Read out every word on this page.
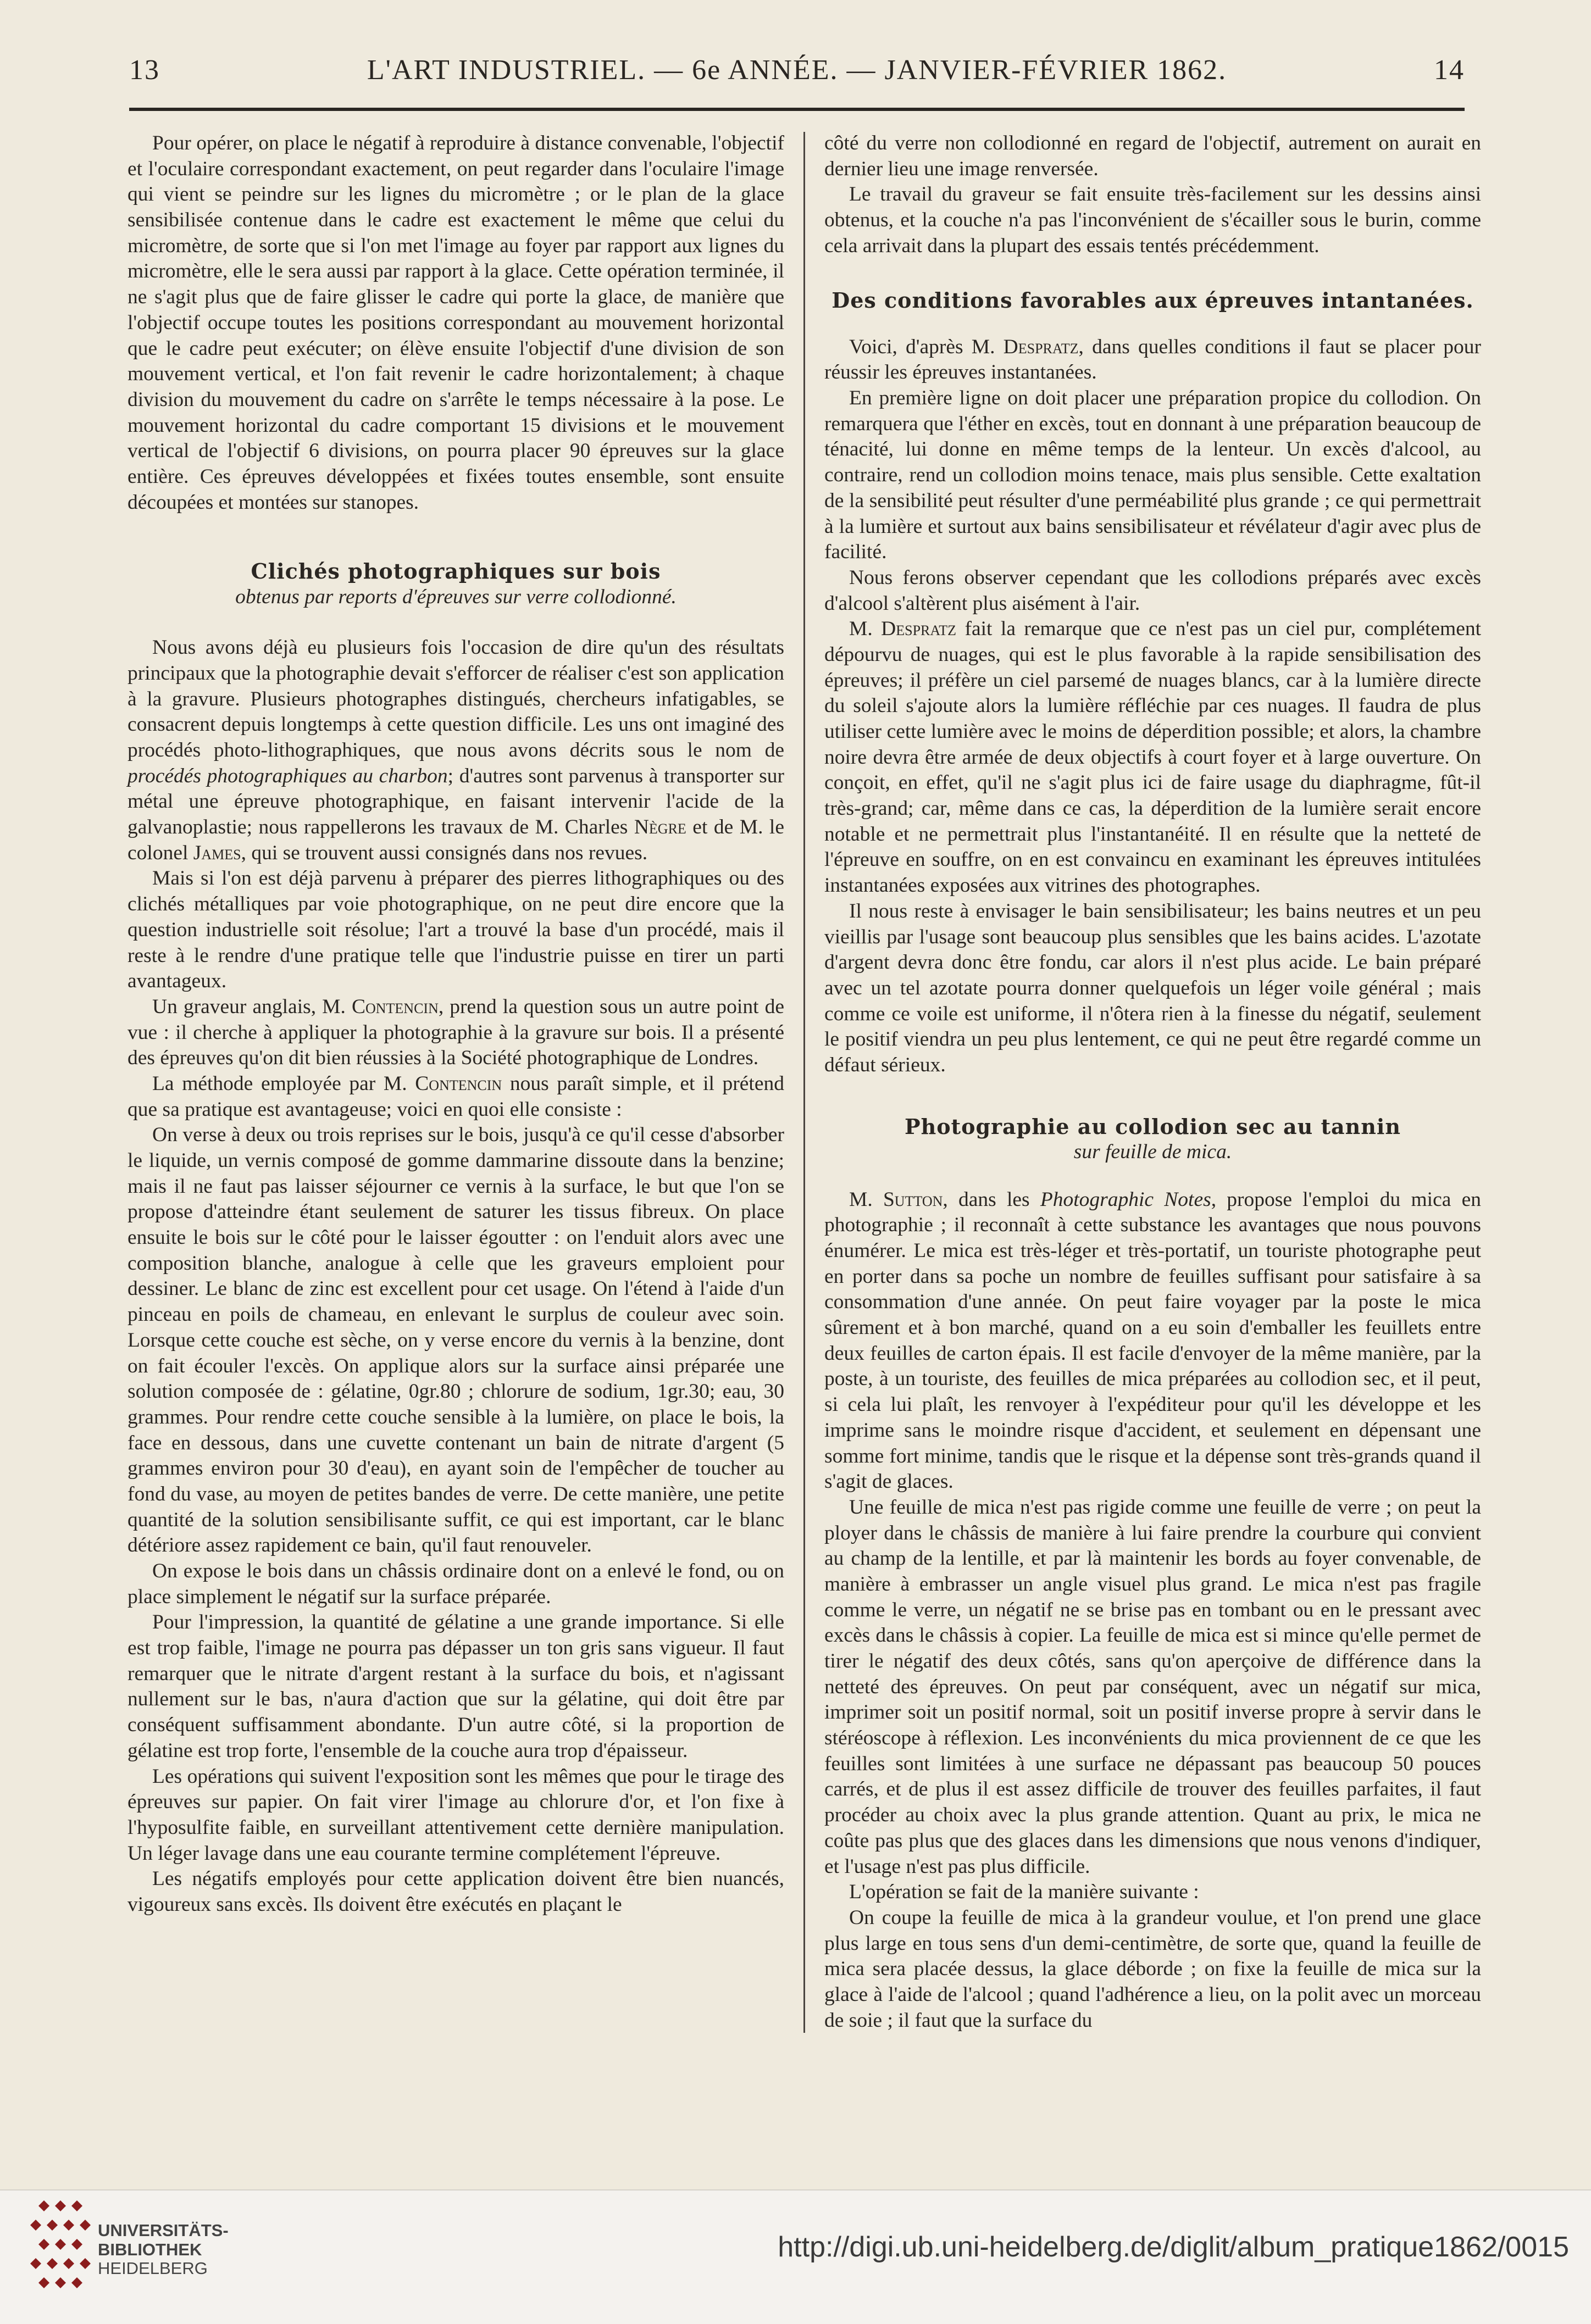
13	L'ART INDUSTRIEL. — 6e ANNÉE. — JANVIER-FÉVRIER 1862.	14

Pour opérer, on place le négatif à reproduire à distance convenable, l'objectif et l'oculaire correspondant exactement, on peut regarder dans l'oculaire l'image qui vient se peindre sur les lignes du micromètre ; or le plan de la glace sensibilisée contenue dans le cadre est exactement le même que celui du micromètre, de sorte que si l'on met l'image au foyer par rapport aux lignes du micromètre, elle le sera aussi par rapport à la glace. Cette opération terminée, il ne s'agit plus que de faire glisser le cadre qui porte la glace, de manière que l'objectif occupe toutes les positions correspondant au mouvement horizontal que le cadre peut exécuter; on élève ensuite l'objectif d'une division de son mouvement vertical, et l'on fait revenir le cadre horizontalement; à chaque division du mouvement du cadre on s'arrête le temps nécessaire à la pose. Le mouvement horizontal du cadre comportant 15 divisions et le mouvement vertical de l'objectif 6 divisions, on pourra placer 90 épreuves sur la glace entière. Ces épreuves développées et fixées toutes ensemble, sont ensuite découpées et montées sur stanopes.

Clichés photographiques sur bois

obtenus par reports d'épreuves sur verre collodionné.

Nous avons déjà eu plusieurs fois l'occasion de dire qu'un des résultats principaux que la photographie devait s'efforcer de réaliser c'est son application à la gravure. Plusieurs photographes distingués, chercheurs infatigables, se consacrent depuis longtemps à cette question difficile. Les uns ont imaginé des procédés photo-lithographiques, que nous avons décrits sous le nom de procédés photographiques au charbon; d'autres sont parvenus à transporter sur métal une épreuve photographique, en faisant intervenir l'acide de la galvanoplastie; nous rappellerons les travaux de M. Charles Nègre et de M. le colonel James, qui se trouvent aussi consignés dans nos revues.

Mais si l'on est déjà parvenu à préparer des pierres lithographiques ou des clichés métalliques par voie photographique, on ne peut dire encore que la question industrielle soit résolue; l'art a trouvé la base d'un procédé, mais il reste à le rendre d'une pratique telle que l'industrie puisse en tirer un parti avantageux.

Un graveur anglais, M. Contencin, prend la question sous un autre point de vue : il cherche à appliquer la photographie à la gravure sur bois. Il a présenté des épreuves qu'on dit bien réussies à la Société photographique de Londres.

La méthode employée par M. Contencin nous paraît simple, et il prétend que sa pratique est avantageuse; voici en quoi elle consiste :

On verse à deux ou trois reprises sur le bois, jusqu'à ce qu'il cesse d'absorber le liquide, un vernis composé de gomme dammarine dissoute dans la benzine; mais il ne faut pas laisser séjourner ce vernis à la surface, le but que l'on se propose d'atteindre étant seulement de saturer les tissus fibreux. On place ensuite le bois sur le côté pour le laisser égoutter : on l'enduit alors avec une composition blanche, analogue à celle que les graveurs emploient pour dessiner. Le blanc de zinc est excellent pour cet usage. On l'étend à l'aide d'un pinceau en poils de chameau, en enlevant le surplus de couleur avec soin. Lorsque cette couche est sèche, on y verse encore du vernis à la benzine, dont on fait écouler l'excès. On applique alors sur la surface ainsi préparée une solution composée de : gélatine, 0gr.80 ; chlorure de sodium, 1gr.30; eau, 30 grammes. Pour rendre cette couche sensible à la lumière, on place le bois, la face en dessous, dans une cuvette contenant un bain de nitrate d'argent (5 grammes environ pour 30 d'eau), en ayant soin de l'empêcher de toucher au fond du vase, au moyen de petites bandes de verre. De cette manière, une petite quantité de la solution sensibilisante suffit, ce qui est important, car le blanc détériore assez rapidement ce bain, qu'il faut renouveler.

On expose le bois dans un châssis ordinaire dont on a enlevé le fond, ou on place simplement le négatif sur la surface préparée.

Pour l'impression, la quantité de gélatine a une grande importance. Si elle est trop faible, l'image ne pourra pas dépasser un ton gris sans vigueur. Il faut remarquer que le nitrate d'argent restant à la surface du bois, et n'agissant nullement sur le bas, n'aura d'action que sur la gélatine, qui doit être par conséquent suffisamment abondante. D'un autre côté, si la proportion de gélatine est trop forte, l'ensemble de la couche aura trop d'épaisseur.

Les opérations qui suivent l'exposition sont les mêmes que pour le tirage des épreuves sur papier. On fait virer l'image au chlorure d'or, et l'on fixe à l'hyposulfite faible, en surveillant attentivement cette dernière manipulation. Un léger lavage dans une eau courante termine complétement l'épreuve.

Les négatifs employés pour cette application doivent être bien nuancés, vigoureux sans excès. Ils doivent être exécutés en plaçant le

côté du verre non collodionné en regard de l'objectif, autrement on aurait en dernier lieu une image renversée.

Le travail du graveur se fait ensuite très-facilement sur les dessins ainsi obtenus, et la couche n'a pas l'inconvénient de s'écailler sous le burin, comme cela arrivait dans la plupart des essais tentés précédemment.

Des conditions favorables aux épreuves intantanées.

Voici, d'après M. Despratz, dans quelles conditions il faut se placer pour réussir les épreuves instantanées.

En première ligne on doit placer une préparation propice du collodion. On remarquera que l'éther en excès, tout en donnant à une préparation beaucoup de ténacité, lui donne en même temps de la lenteur. Un excès d'alcool, au contraire, rend un collodion moins tenace, mais plus sensible. Cette exaltation de la sensibilité peut résulter d'une perméabilité plus grande ; ce qui permettrait à la lumière et surtout aux bains sensibilisateur et révélateur d'agir avec plus de facilité.

Nous ferons observer cependant que les collodions préparés avec excès d'alcool s'altèrent plus aisément à l'air.

M. Despratz fait la remarque que ce n'est pas un ciel pur, complétement dépourvu de nuages, qui est le plus favorable à la rapide sensibilisation des épreuves; il préfère un ciel parsemé de nuages blancs, car à la lumière directe du soleil s'ajoute alors la lumière réfléchie par ces nuages. Il faudra de plus utiliser cette lumière avec le moins de déperdition possible; et alors, la chambre noire devra être armée de deux objectifs à court foyer et à large ouverture. On conçoit, en effet, qu'il ne s'agit plus ici de faire usage du diaphragme, fût-il très-grand; car, même dans ce cas, la déperdition de la lumière serait encore notable et ne permettrait plus l'instantanéité. Il en résulte que la netteté de l'épreuve en souffre, on en est convaincu en examinant les épreuves intitulées instantanées exposées aux vitrines des photographes.

Il nous reste à envisager le bain sensibilisateur; les bains neutres et un peu vieillis par l'usage sont beaucoup plus sensibles que les bains acides. L'azotate d'argent devra donc être fondu, car alors il n'est plus acide. Le bain préparé avec un tel azotate pourra donner quelquefois un léger voile général ; mais comme ce voile est uniforme, il n'ôtera rien à la finesse du négatif, seulement le positif viendra un peu plus lentement, ce qui ne peut être regardé comme un défaut sérieux.

Photographie au collodion sec au tannin

sur feuille de mica.

M. Sutton, dans les Photographic Notes, propose l'emploi du mica en photographie ; il reconnaît à cette substance les avantages que nous pouvons énumérer. Le mica est très-léger et très-portatif, un touriste photographe peut en porter dans sa poche un nombre de feuilles suffisant pour satisfaire à sa consommation d'une année. On peut faire voyager par la poste le mica sûrement et à bon marché, quand on a eu soin d'emballer les feuillets entre deux feuilles de carton épais. Il est facile d'envoyer de la même manière, par la poste, à un touriste, des feuilles de mica préparées au collodion sec, et il peut, si cela lui plaît, les renvoyer à l'expéditeur pour qu'il les développe et les imprime sans le moindre risque d'accident, et seulement en dépensant une somme fort minime, tandis que le risque et la dépense sont très-grands quand il s'agit de glaces.

Une feuille de mica n'est pas rigide comme une feuille de verre ; on peut la ployer dans le châssis de manière à lui faire prendre la courbure qui convient au champ de la lentille, et par là maintenir les bords au foyer convenable, de manière à embrasser un angle visuel plus grand. Le mica n'est pas fragile comme le verre, un négatif ne se brise pas en tombant ou en le pressant avec excès dans le châssis à copier. La feuille de mica est si mince qu'elle permet de tirer le négatif des deux côtés, sans qu'on aperçoive de différence dans la netteté des épreuves. On peut par conséquent, avec un négatif sur mica, imprimer soit un positif normal, soit un positif inverse propre à servir dans le stéréoscope à réflexion. Les inconvénients du mica proviennent de ce que les feuilles sont limitées à une surface ne dépassant pas beaucoup 50 pouces carrés, et de plus il est assez difficile de trouver des feuilles parfaites, il faut procéder au choix avec la plus grande attention. Quant au prix, le mica ne coûte pas plus que des glaces dans les dimensions que nous venons d'indiquer, et l'usage n'est pas plus difficile.

L'opération se fait de la manière suivante :

On coupe la feuille de mica à la grandeur voulue, et l'on prend une glace plus large en tous sens d'un demi-centimètre, de sorte que, quand la feuille de mica sera placée dessus, la glace déborde ; on fixe la feuille de mica sur la glace à l'aide de l'alcool ; quand l'adhérence a lieu, on la polit avec un morceau de soie ; il faut que la surface du

UNIVERSITÄTS-
BIBLIOTHEK
HEIDELBERG
http://digi.ub.uni-heidelberg.de/diglit/album_pratique1862/0015
